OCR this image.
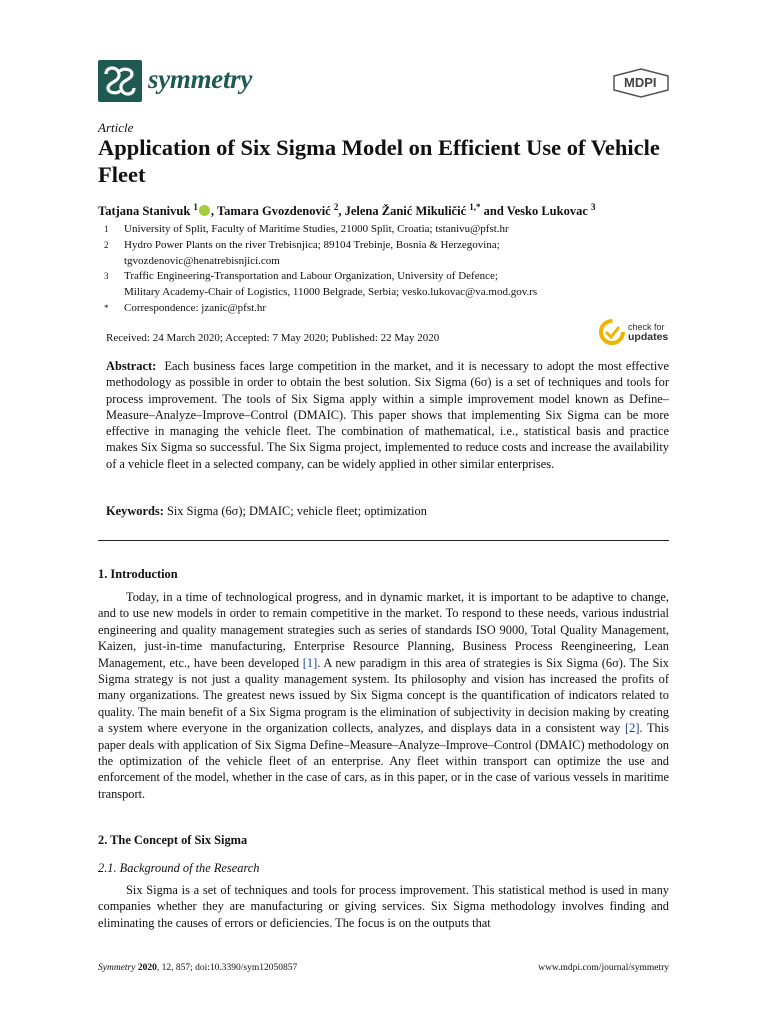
symmetry	MDPI
Article
Application of Six Sigma Model on Efficient Use of Vehicle Fleet
Tatjana Stanivuk $^1$ , Tamara Gvozdenović $^2$, Jelena Žanić Mikuličić $^{1,*}$ and Vesko Lukovac $^3$
1	University of Split, Faculty of Maritime Studies, 21000 Split, Croatia; tstanivu@pfst.hr
2	Hydro Power Plants on the river Trebisnjica; 89104 Trebinje, Bosnia & Herzegovina;
tgvozdenovic@henatrebisnjici.com
3	Traffic Engineering-Transportation and Labour Organization, University of Defence;
Military Academy-Chair of Logistics, 11000 Belgrade, Serbia; vesko.lukovac@va.mod.gov.rs
*	Correspondence: jzanic@pfst.hr
Received: 24 March 2020; Accepted: 7 May 2020; Published: 22 May 2020
check for
updates
Abstract: Each business faces large competition in the market, and it is necessary to adopt the most effective methodology as possible in order to obtain the best solution. Six Sigma (6σ) is a set of techniques and tools for process improvement. The tools of Six Sigma apply within a simple improvement model known as Define–Measure–Analyze–Improve–Control (DMAIC). This paper shows that implementing Six Sigma can be more effective in managing the vehicle fleet. The combination of mathematical, i.e., statistical basis and practice makes Six Sigma so successful. The Six Sigma project, implemented to reduce costs and increase the availability of a vehicle fleet in a selected company, can be widely applied in other similar enterprises.
Keywords: Six Sigma (6σ); DMAIC; vehicle fleet; optimization
1. Introduction
Today, in a time of technological progress, and in dynamic market, it is important to be adaptive to change, and to use new models in order to remain competitive in the market. To respond to these needs, various industrial engineering and quality management strategies such as series of standards ISO 9000, Total Quality Management, Kaizen, just-in-time manufacturing, Enterprise Resource Planning, Business Process Reengineering, Lean Management, etc., have been developed [1]. A new paradigm in this area of strategies is Six Sigma (6σ). The Six Sigma strategy is not just a quality management system. Its philosophy and vision has increased the profits of many organizations. The greatest news issued by Six Sigma concept is the quantification of indicators related to quality. The main benefit of a Six Sigma program is the elimination of subjectivity in decision making by creating a system where everyone in the organization collects, analyzes, and displays data in a consistent way [2]. This paper deals with application of Six Sigma Define–Measure–Analyze–Improve–Control (DMAIC) methodology on the optimization of the vehicle fleet of an enterprise. Any fleet within transport can optimize the use and enforcement of the model, whether in the case of cars, as in this paper, or in the case of various vessels in maritime transport.
2. The Concept of Six Sigma
2.1. Background of the Research
Six Sigma is a set of techniques and tools for process improvement. This statistical method is used in many companies whether they are manufacturing or giving services. Six Sigma methodology involves finding and eliminating the causes of errors or deficiencies. The focus is on the outputs that
Symmetry 2020, 12, 857; doi:10.3390/sym12050857	www.mdpi.com/journal/symmetry
